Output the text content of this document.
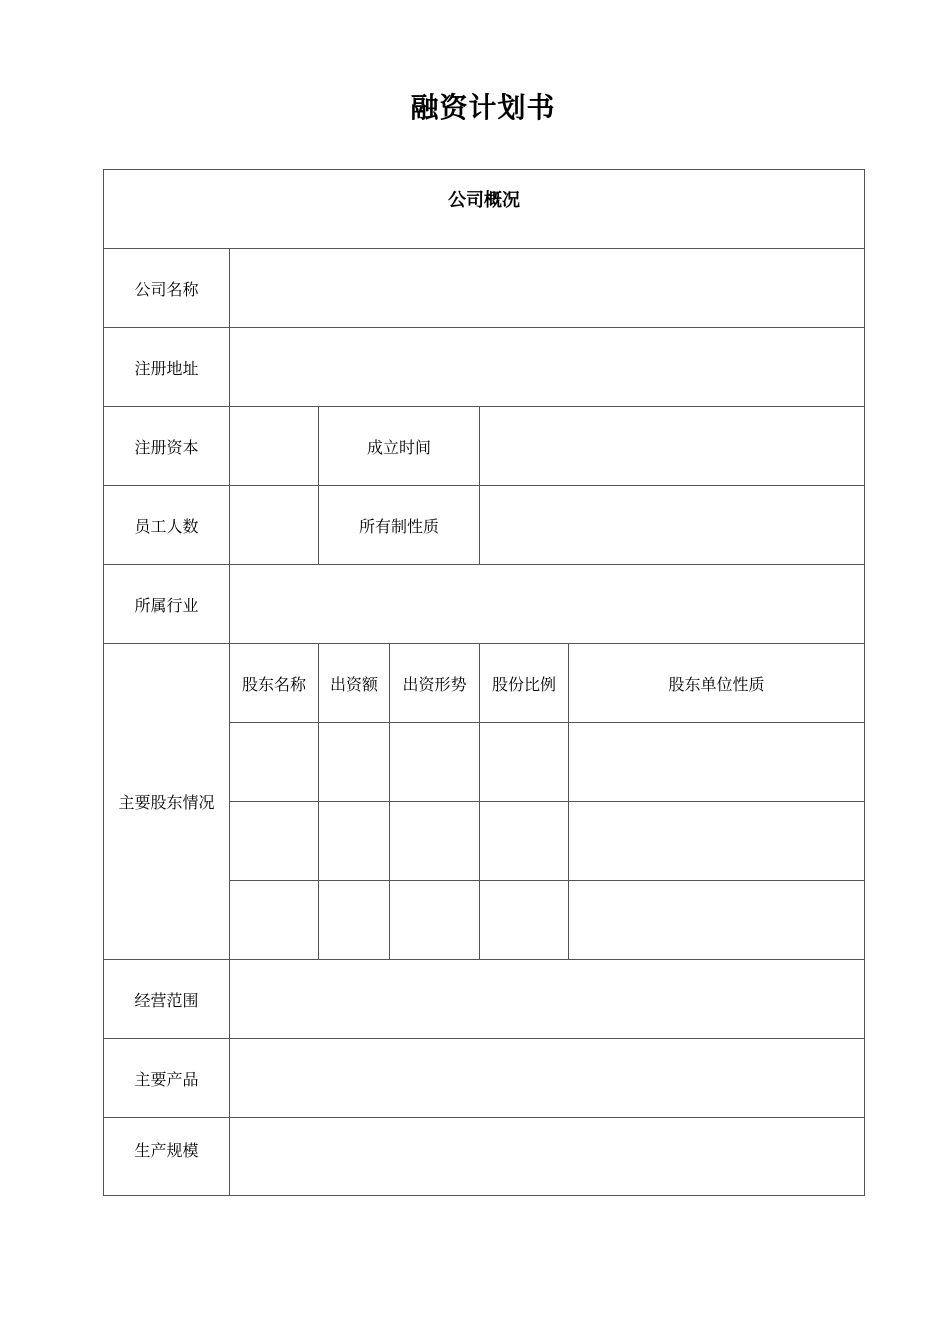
融资计划书
公司概况					
公司名称					
注册地址					
注册资本		成立时间			
员工人数		所有制性质			
所属行业					
主要股东情况	股东名称	出资额	出资形势	股份比例	股东单位性质

经营范围					
主要产品					

生产规模					
